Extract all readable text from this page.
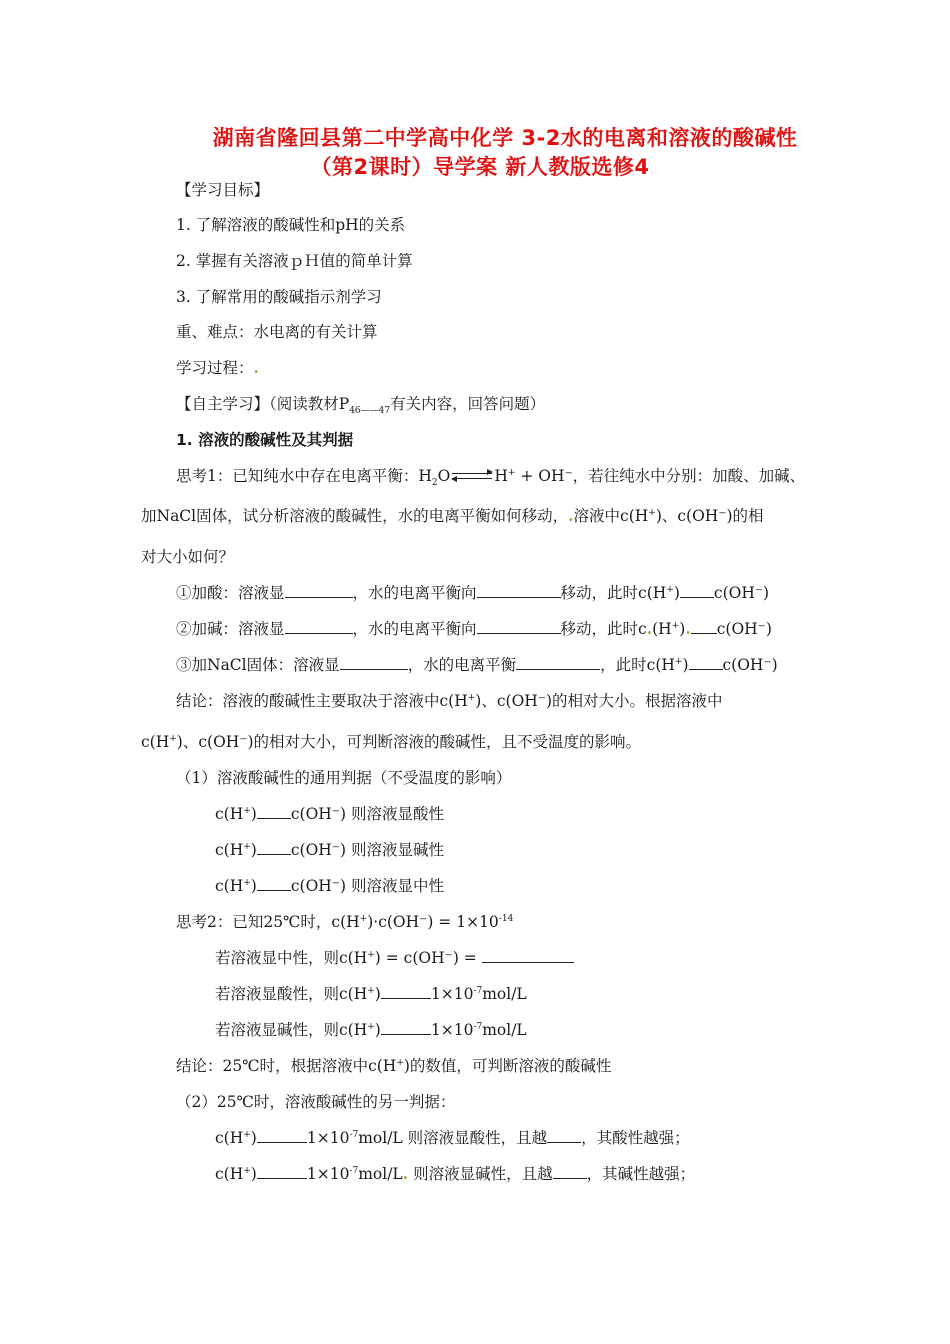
湖南省隆回县第二中学高中化学 3-2水的电离和溶液的酸碱性
（第2课时）导学案 新人教版选修4
【学习目标】
1. 了解溶液的酸碱性和pH的关系
2. 掌握有关溶液ｐＨ值的简单计算
3. 了解常用的酸碱指示剂学习
重、难点：水电离的有关计算
学习过程：.
【自主学习】（阅读教材$P_{46——47}$有关内容，回答问题）
1. 溶液的酸碱性及其判据
思考1：已知纯水中存在电离平衡：$H_2O$	H+ + OH⁻，若往纯水中分别：加酸、加碱、
加NaCl固体，试分析溶液的酸碱性，水的电离平衡如何移动，.溶液中c(H+)、c(OH⁻)的相
对大小如何？
①加酸：溶液显	，水的电离平衡向	移动，此时c(H+) c(OH⁻)
②加碱：溶液显	，水的电离平衡向	移动，此时c.(H+). c(OH⁻)
③加NaCl固体：溶液显	，水的电离平衡	，此时c(H+) c(OH⁻)
结论：溶液的酸碱性主要取决于溶液中c(H+)、c(OH⁻)的相对大小。根据溶液中
c(H+)、c(OH⁻)的相对大小，可判断溶液的酸碱性，且不受温度的影响。
（1）溶液酸碱性的通用判据（不受温度的影响）
c(H+) c(OH⁻) 则溶液显酸性
c(H+) c(OH⁻) 则溶液显碱性
c(H+) c(OH⁻) 则溶液显中性
思考2：已知25℃时，$c(H^+)\cdot c(OH^-) = 1\times 10^{-14}$
若溶液显中性，则c(H+) = c(OH⁻) =
若溶液显酸性，则c(H+)	$1\times 10^{-7}mol/L$
若溶液显碱性，则c(H+)	$1\times 10^{-7}mol/L$
结论：25℃时，根据溶液中c(H+)的数值，可判断溶液的酸碱性
（2）25℃时，溶液酸碱性的另一判据：
c(H+)	$1\times 10^{-7}mol/L$ 则溶液显酸性，且越 ，其酸性越强；
c(H+)	$1\times 10^{-7}mol/L$. 则溶液显碱性，且越 ，其碱性越强；
